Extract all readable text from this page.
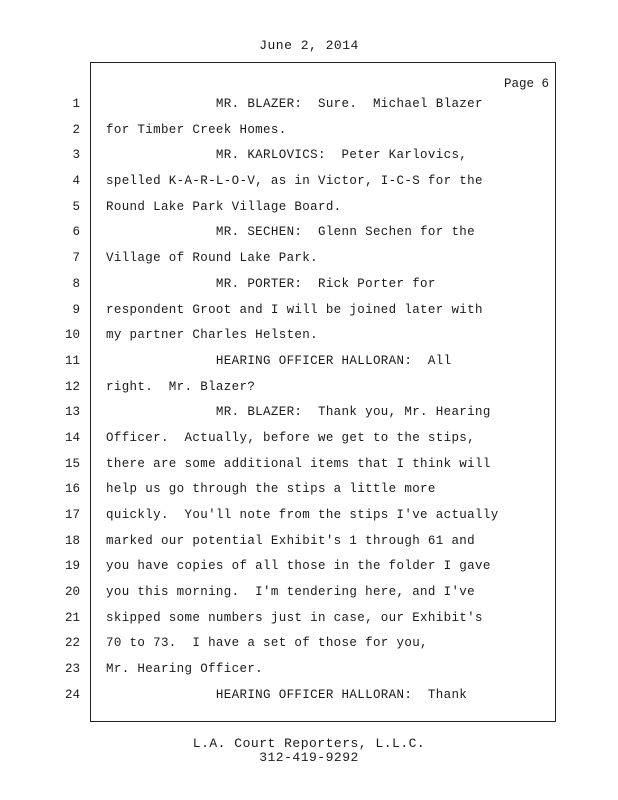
June 2, 2014
Page 6
1 MR. BLAZER:  Sure.  Michael Blazer
2 for Timber Creek Homes.
3 MR. KARLOVICS:  Peter Karlovics,
4 spelled K-A-R-L-O-V, as in Victor, I-C-S for the
5 Round Lake Park Village Board.
6 MR. SECHEN:  Glenn Sechen for the
7 Village of Round Lake Park.
8 MR. PORTER:  Rick Porter for
9 respondent Groot and I will be joined later with
10 my partner Charles Helsten.
11 HEARING OFFICER HALLORAN:  All
12 right.  Mr. Blazer?
13 MR. BLAZER:  Thank you, Mr. Hearing
14 Officer.  Actually, before we get to the stips,
15 there are some additional items that I think will
16 help us go through the stips a little more
17 quickly.  You'll note from the stips I've actually
18 marked our potential Exhibit's 1 through 61 and
19 you have copies of all those in the folder I gave
20 you this morning.  I'm tendering here, and I've
21 skipped some numbers just in case, our Exhibit's
22 70 to 73.  I have a set of those for you,
23 Mr. Hearing Officer.
24 HEARING OFFICER HALLORAN:  Thank
L.A. Court Reporters, L.L.C.
312-419-9292
